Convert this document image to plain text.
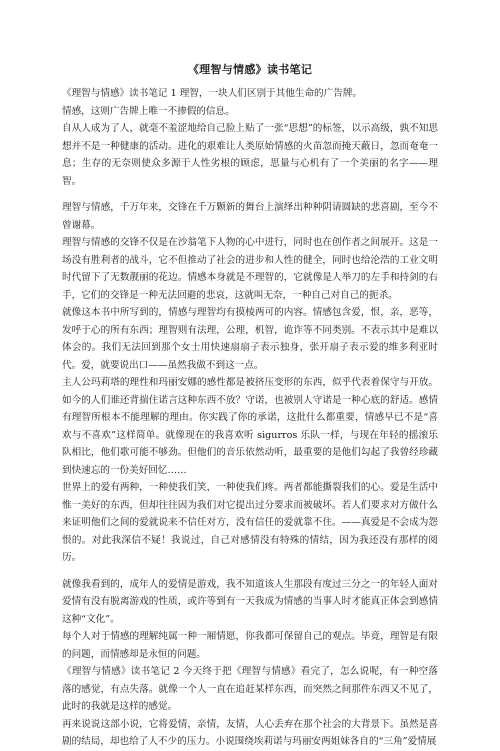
《理智与情感》读书笔记

《理智与情感》读书笔记 1 理智，一块人们区别于其他生命的广告牌。

情感，这则广告牌上唯一不掺假的信息。

自从人成为了人，就毫不羞涩地给自己脸上贴了一张“思想”的标签，以示高级，孰不知思想并不是一种健康的活动。进化的艰难让人类原始情感的火苗忽而掩天蔽日，忽而奄奄一息；生存的无奈则使众多源于人性劣根的顾虑，思量与心机有了一个美丽的名字——理智。

理智与情感，千万年来，交锋在千万颗新的舞台上演绎出种种阴请圆缺的悲喜剧，至今不曾谢幕。

理智与情感的交锋不仅是在沙翁笔下人物的心中进行，同时也在创作者之间展开。这是一场没有胜利者的战斗，它不但推动了社会的进步和人性的健全，同时也给沦浩的工业文明时代留下了无数靓丽的花边。情感本身就是不理智的，它就像是人举刀的左手和持剑的右手，它们的交锋是一种无法回避的悲哀，这就叫无奈，一种自己对自己的扼杀。

就像这本书中所写到的，情感与理智均有摸棱两可的内容。情感包含爱，恨，亲，恶等，发呼于心的所有东西；理智则有法理，公理，机智，诡诈等不同类别。不表示其中是难以体会的。我们无法回到那个女士用快速扇扇子表示独身，张开扇子表示爱的维多利亚时代。爱，就要说出口——虽然我做不到这一点。

主人公玛莉塔的理性和玛丽安娜的感性都是被挤压变形的东西，似乎代表着保守与开放。如今的人们谁还背揣住诺言这种东西不放？守诺，也被别人守诺是一种心底的舒适。感情有理智所根本不能理解的理由。你实践了你的承诺，这批什么都重要，情感早已不是“喜欢与不喜欢”这样简单。就像现在的我喜欢听 sigurros 乐队一样，与现在年轻的摇滚乐队相比，他们歌可能不够劲。但他们的音乐依然动听，最重要的是他们勾起了我曾经珍藏到快速忘的一份美好回忆……

世界上的爱有两种，一种使我们笑，一种使我们疼。两者都能撕裂我们的心。爱是生活中惟一美好的东西，但却往往因为我们对它提出过分要求而被破坏。若人们要求对方做什么来证明他们之间的爱就说来不信任对方，没有信任的爱就靠不住。——真爱是不会成为怨恨的。对此我深信不疑！我说过，自己对感情没有特殊的情结，因为我还没有那样的阅历。

就像我看到的，成年人的爱情是游戏，我不知道该人生那段有度过三分之一的年轻人面对爱情有没有脱离游戏的性质，或许等到有一天我成为情感的当事人时才能真正体会到感情这种“文化”。

每个人对于情感的理解纯属一种一厢情愿，你我都可保留自己的观点。毕竟，理智是有限的问题，而情感却是永恒的问题。

《理智与情感》读书笔记 2 今天终于把《理智与情感》看完了，怎么说呢，有一种空落落的感觉，有点失落。就像一个人一直在追赶某样东西，而突然之间那件东西又不见了，此时的我就是这样的感觉。

再来说说这部小说，它将爱情，亲情，友情，人心丢弃在那个社会的大背景下。虽然是喜剧的结局，却也给了人不少的压力。小说围绕埃莉诺与玛丽安两姐妹各自的“三角”爱情展
